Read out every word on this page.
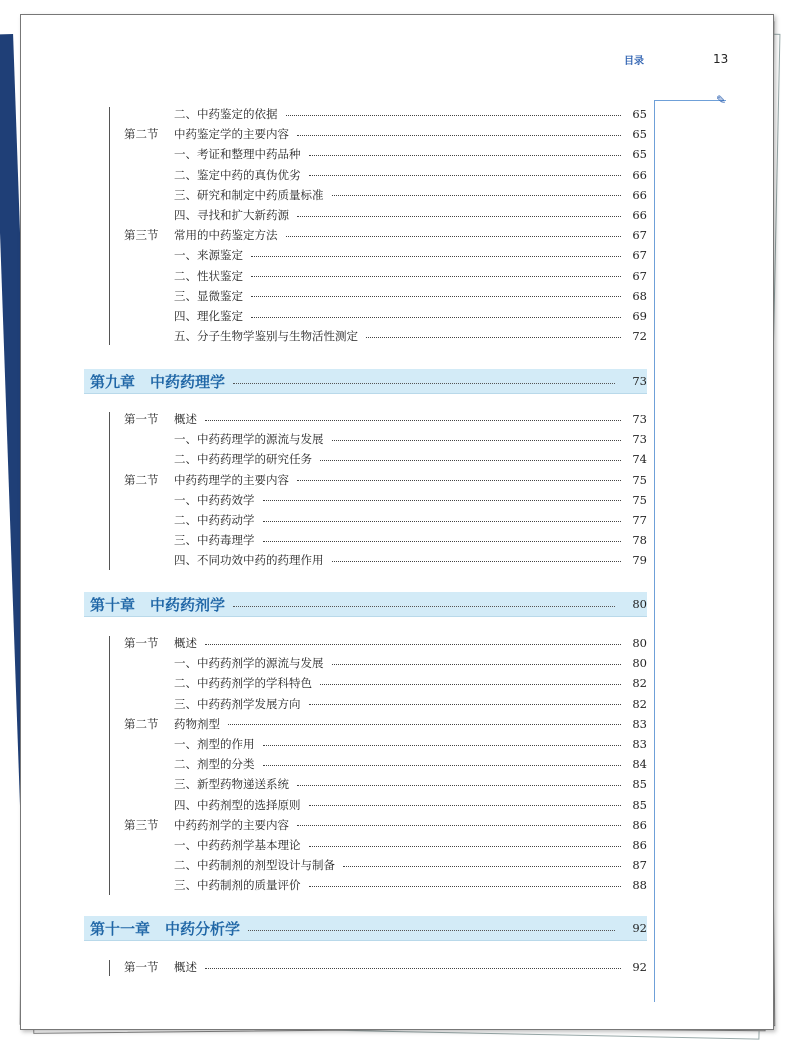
目录	13
✎
二、中药鉴定的依据	65
第二节	中药鉴定学的主要内容	65
一、考证和整理中药品种	65
二、鉴定中药的真伪优劣	66
三、研究和制定中药质量标准	66
四、寻找和扩大新药源	66
第三节	常用的中药鉴定方法	67
一、来源鉴定	67
二、性状鉴定	67
三、显微鉴定	68
四、理化鉴定	69
五、分子生物学鉴别与生物活性测定	72
第九章　中药药理学	73
第一节	概述	73
一、中药药理学的源流与发展	73
二、中药药理学的研究任务	74
第二节	中药药理学的主要内容	75
一、中药药效学	75
二、中药药动学	77
三、中药毒理学	78
四、不同功效中药的药理作用	79
第十章　中药药剂学	80
第一节	概述	80
一、中药药剂学的源流与发展	80
二、中药药剂学的学科特色	82
三、中药药剂学发展方向	82
第二节	药物剂型	83
一、剂型的作用	83
二、剂型的分类	84
三、新型药物递送系统	85
四、中药剂型的选择原则	85
第三节	中药药剂学的主要内容	86
一、中药药剂学基本理论	86
二、中药制剂的剂型设计与制备	87
三、中药制剂的质量评价	88
第十一章　中药分析学	92
第一节	概述	92
